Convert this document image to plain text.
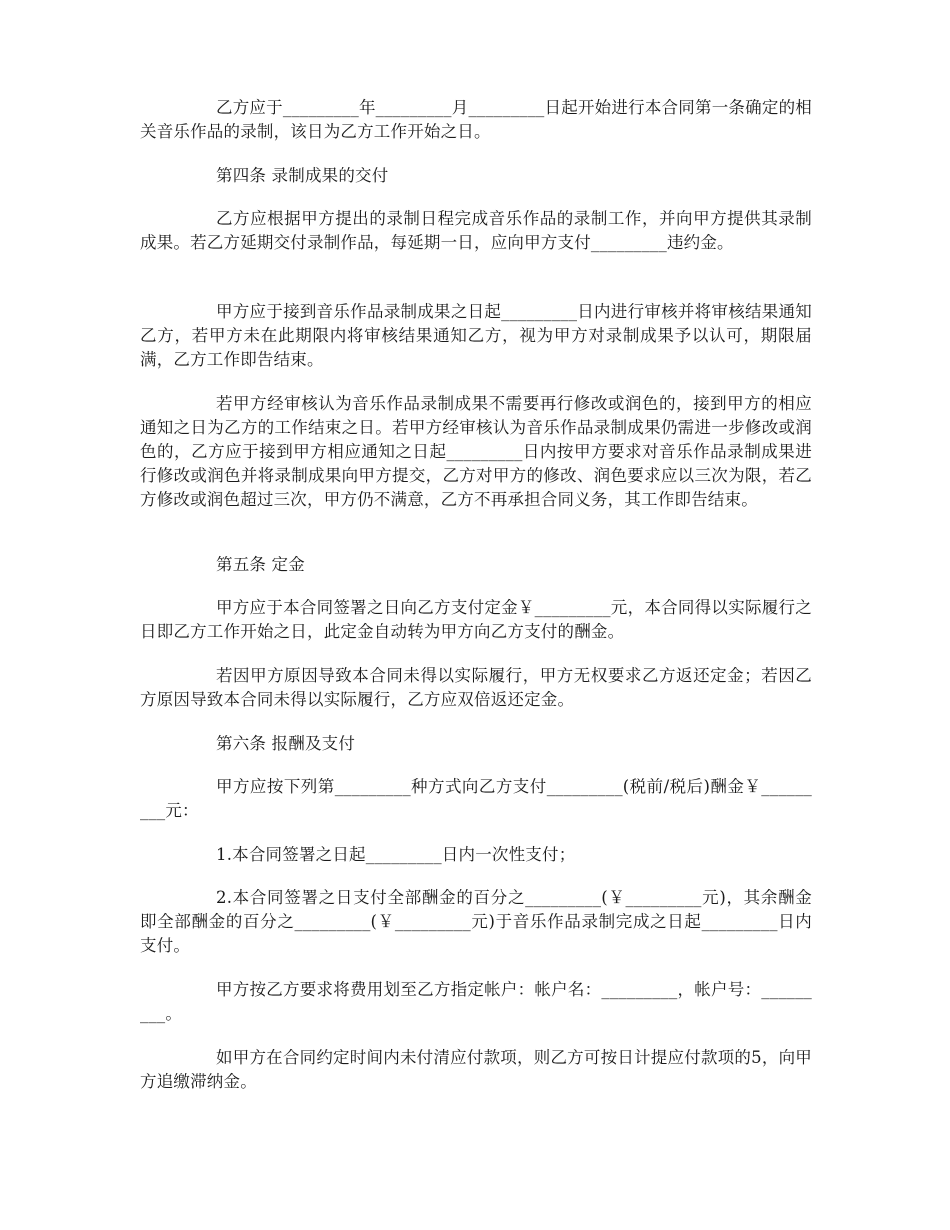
乙方应于_________年_________月_________日起开始进行本合同第一条确定的相关音乐作品的录制，该日为乙方工作开始之日。

第四条 录制成果的交付

乙方应根据甲方提出的录制日程完成音乐作品的录制工作，并向甲方提供其录制成果。若乙方延期交付录制作品，每延期一日，应向甲方支付_________违约金。

甲方应于接到音乐作品录制成果之日起_________日内进行审核并将审核结果通知乙方，若甲方未在此期限内将审核结果通知乙方，视为甲方对录制成果予以认可，期限届满，乙方工作即告结束。

若甲方经审核认为音乐作品录制成果不需要再行修改或润色的，接到甲方的相应通知之日为乙方的工作结束之日。若甲方经审核认为音乐作品录制成果仍需进一步修改或润色的，乙方应于接到甲方相应通知之日起_________日内按甲方要求对音乐作品录制成果进行修改或润色并将录制成果向甲方提交，乙方对甲方的修改、润色要求应以三次为限，若乙方修改或润色超过三次，甲方仍不满意，乙方不再承担合同义务，其工作即告结束。

第五条 定金

甲方应于本合同签署之日向乙方支付定金￥_________元，本合同得以实际履行之日即乙方工作开始之日，此定金自动转为甲方向乙方支付的酬金。

若因甲方原因导致本合同未得以实际履行，甲方无权要求乙方返还定金；若因乙方原因导致本合同未得以实际履行，乙方应双倍返还定金。

第六条 报酬及支付

甲方应按下列第_________种方式向乙方支付_________(税前/税后)酬金￥_________元：

1.本合同签署之日起_________日内一次性支付；

2.本合同签署之日支付全部酬金的百分之_________(￥_________元)，其余酬金即全部酬金的百分之_________(￥_________元)于音乐作品录制完成之日起_________日内支付。

甲方按乙方要求将费用划至乙方指定帐户：帐户名：_________，帐户号：_________。

如甲方在合同约定时间内未付清应付款项，则乙方可按日计提应付款项的5，向甲方追缴滞纳金。
